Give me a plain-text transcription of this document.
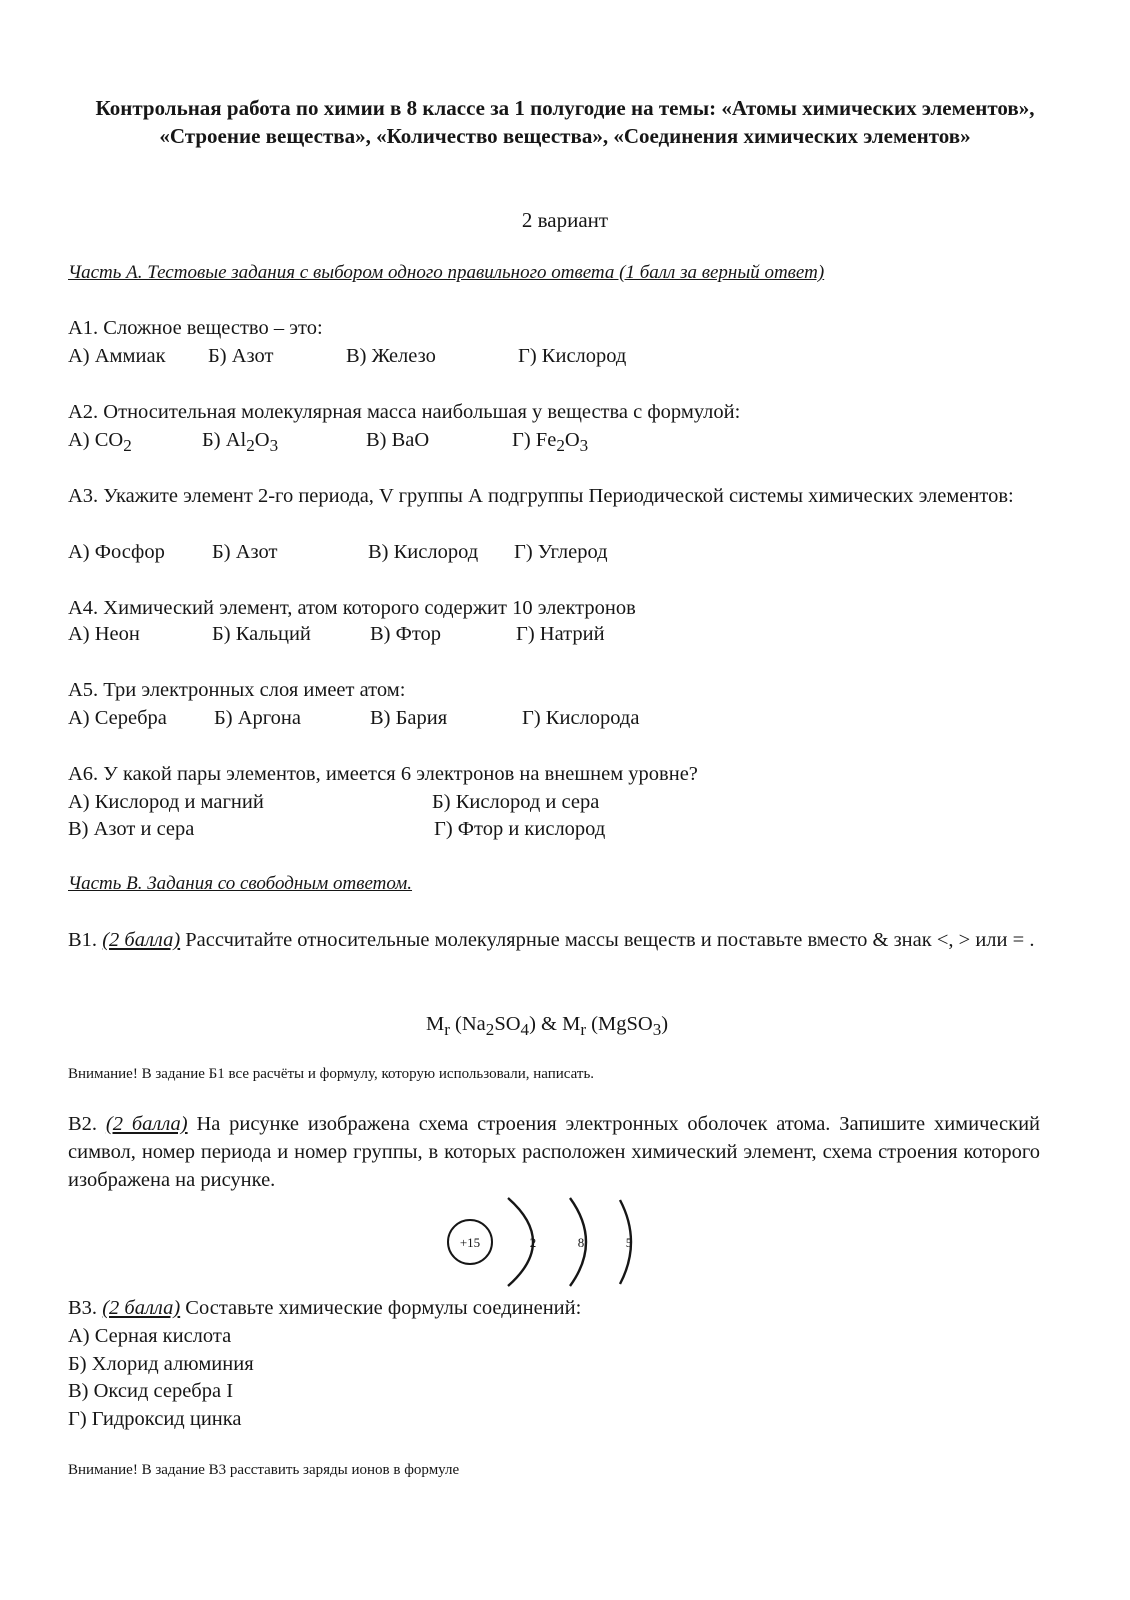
Контрольная работа по химии в 8 классе за 1 полугодие на темы: «Атомы химических элементов», «Строение вещества», «Количество вещества», «Соединения химических элементов»

2 вариант

Часть А. Тестовые задания с выбором одного правильного ответа (1 балл за верный ответ)

А1. Сложное вещество – это:

А) Аммиак Б) Азот	В) Железо	Г) Кислород

А2. Относительная молекулярная масса наибольшая у вещества с формулой:

А) $CO_2$	Б) $Al_2O_3$	В) BaO	Г) $Fe_2O_3$

А3. Укажите элемент 2-го периода, V группы А подгруппы Периодической системы химических элементов:

А) Фосфор Б) Азот	В) Кислород Г) Углерод

А4. Химический элемент, атом которого содержит 10 электронов

А) Неон	Б) Кальций	В) Фтор	Г) Натрий

А5. Три электронных слоя имеет атом:

А) Серебра Б) Аргона	В) Бария	Г) Кислорода

А6. У какой пары элементов, имеется 6 электронов на внешнем уровне?

А) Кислород и магний	Б) Кислород и сера
В) Азот и сера	Г) Фтор и кислород

Часть В. Задания со свободным ответом.

В1. (2 балла) Рассчитайте относительные молекулярные массы веществ и поставьте вместо & знак <, > или = .

$M_r$ $(Na_2SO_4)$ & $M_r$ (MgSO$_3$)

Внимание! В задание Б1 все расчёты и формулу, которую использовали, написать.

В2. (2 балла) На рисунке изображена схема строения электронных оболочек атома. Запишите химический символ, номер периода и номер группы, в которых расположен химический элемент, схема строения которого изображена на рисунке.

+15	2	8	5

В3. (2 балла) Составьте химические формулы соединений:

А) Серная кислота

Б) Хлорид алюминия

В) Оксид серебра I

Г) Гидроксид цинка

Внимание! В задание В3 расставить заряды ионов в формуле
